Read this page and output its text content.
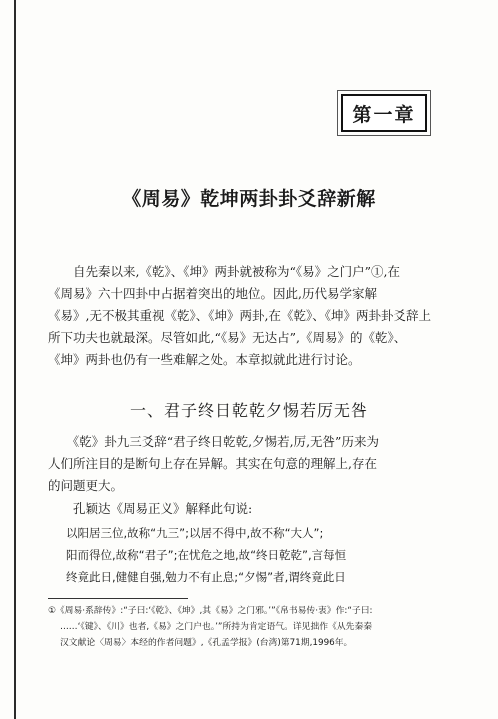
第一章
《周易》乾坤两卦卦爻辞新解
　　自先秦以来,《乾》、《坤》两卦就被称为“《易》之门户”①,在
《周易》六十四卦中占据着突出的地位。因此,历代易学家解
《易》,无不极其重视《乾》、《坤》两卦,在《乾》、《坤》两卦卦爻辞上
所下功夫也就最深。尽管如此,“《易》无达占”,《周易》的《乾》、
《坤》两卦也仍有一些难解之处。本章拟就此进行讨论。
一、君子终日乾乾夕惕若厉无咎
　　《乾》卦九三爻辞“君子终日乾乾,夕惕若,厉,无咎”历来为
人们所注目的是断句上存在异解。其实在句意的理解上,存在
的问题更大。
　　孔颖达《周易正义》解释此句说:
以阳居三位,故称“九三”;以居不得中,故不称“大人”;
阳而得位,故称“君子”;在忧危之地,故“终日乾乾”,言每恒
终竟此日,健健自强,勉力不有止息;“夕惕”者,谓终竟此日
①《周易·系辞传》:“子曰:‘《乾》、《坤》,其《易》之门邪。’”《帛书易传·衷》作:“子曰:
……‘《键》、《川》也者,《易》之门户也。’”所持为肯定语气。详见拙作《从先秦秦
汉文献论〈周易〉本经的作者问题》,《孔孟学报》(台湾)第71期,1996年。
